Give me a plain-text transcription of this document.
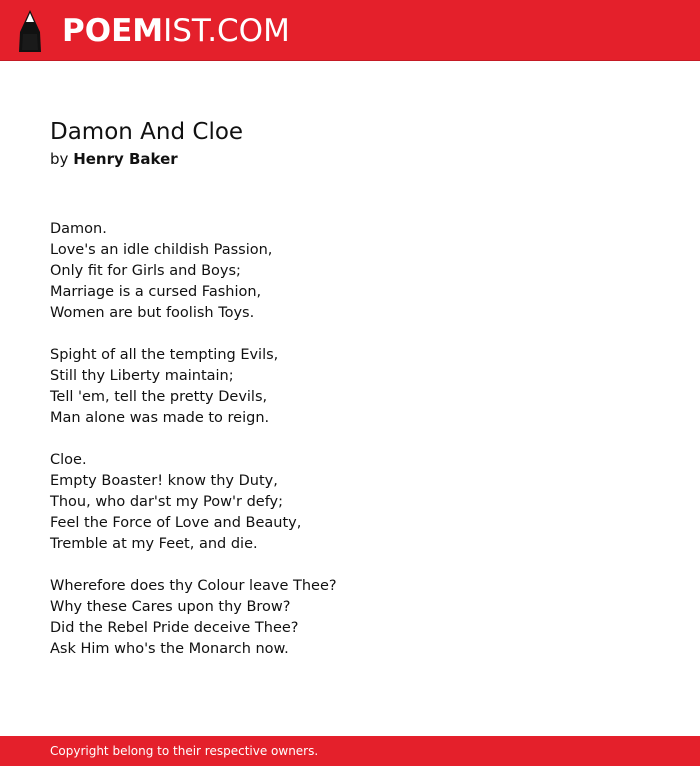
POEMIST.COM
Damon And Cloe
by Henry Baker
Damon.
Love's an idle childish Passion,
Only fit for Girls and Boys;
Marriage is a cursed Fashion,
Women are but foolish Toys.
Spight of all the tempting Evils,
Still thy Liberty maintain;
Tell 'em, tell the pretty Devils,
Man alone was made to reign.
Cloe.
Empty Boaster! know thy Duty,
Thou, who dar'st my Pow'r defy;
Feel the Force of Love and Beauty,
Tremble at my Feet, and die.
Wherefore does thy Colour leave Thee?
Why these Cares upon thy Brow?
Did the Rebel Pride deceive Thee?
Ask Him who's the Monarch now.
Copyright belong to their respective owners.
